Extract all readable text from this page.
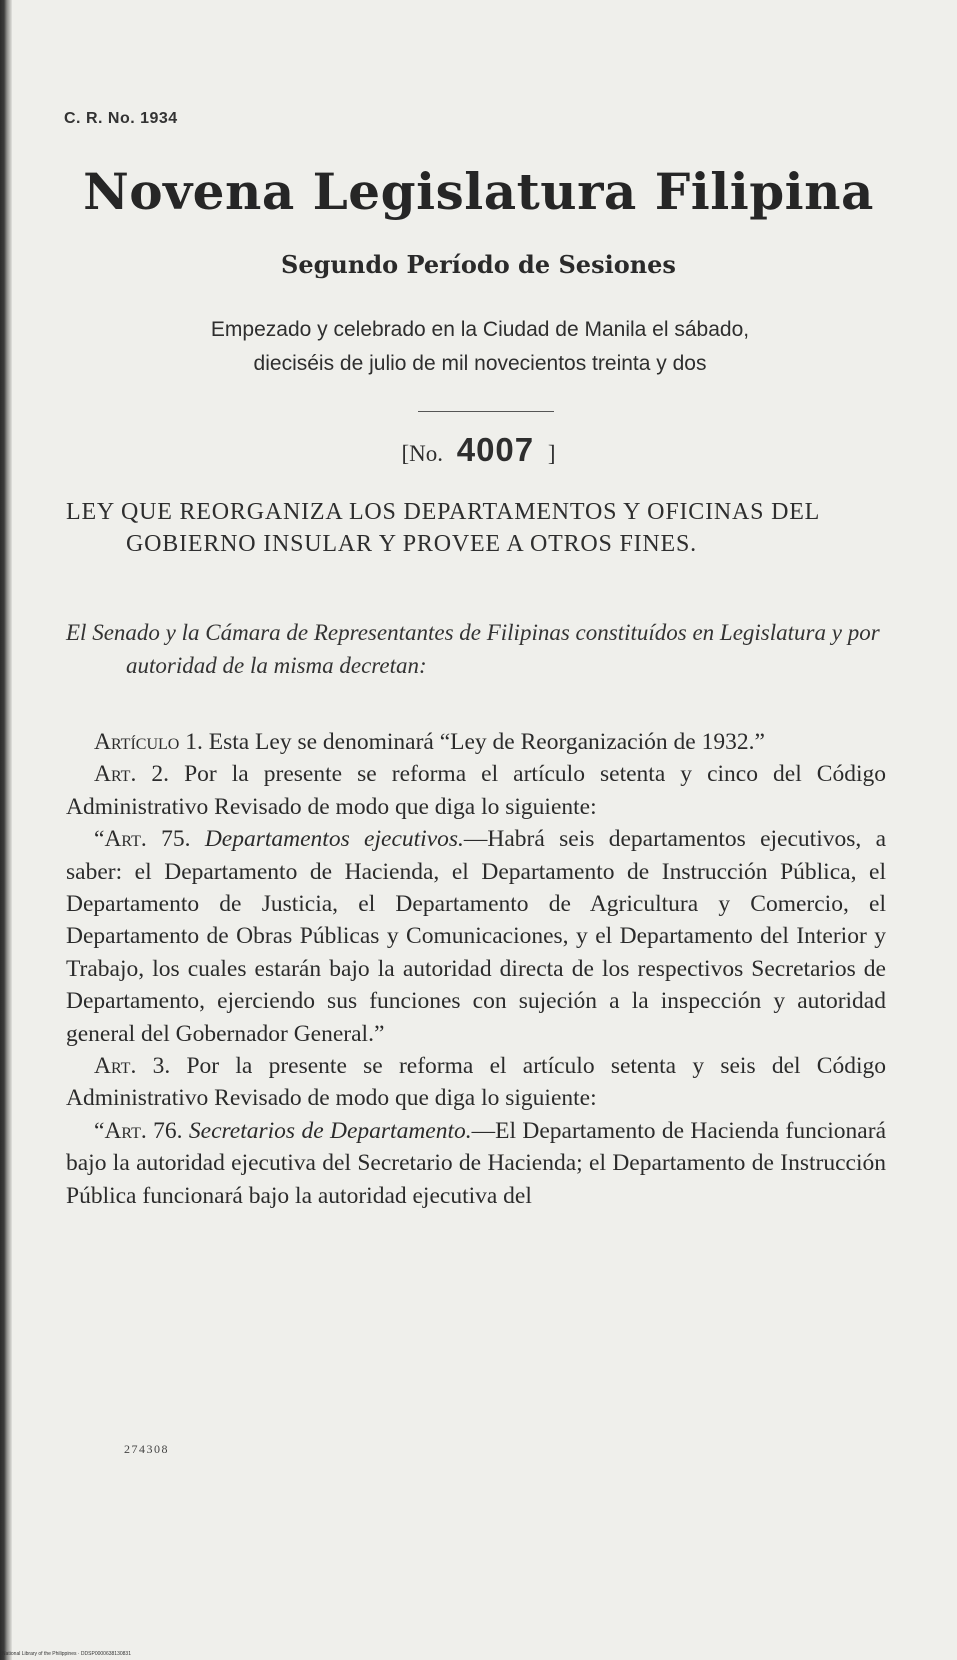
C. R. No. 1934
Novena Legislatura Filipina
Segundo Período de Sesiones
Empezado y celebrado en la Ciudad de Manila el sábado,
dieciséis de julio de mil novecientos treinta y dos
[No. 4007 ]
LEY QUE REORGANIZA LOS DEPARTAMENTOS Y OFICINAS DEL GOBIERNO INSULAR Y PROVEE A OTROS FINES.
El Senado y la Cámara de Representantes de Filipinas constituídos en Legislatura y por autoridad de la misma decretan:

Artículo 1. Esta Ley se denominará “Ley de Reorganización de 1932.”

Art. 2. Por la presente se reforma el artículo setenta y cinco del Código Administrativo Revisado de modo que diga lo siguiente:

“Art. 75. Departamentos ejecutivos.—Habrá seis departamentos ejecutivos, a saber: el Departamento de Hacienda, el Departamento de Instrucción Pública, el Departamento de Justicia, el Departamento de Agricultura y Comercio, el Departamento de Obras Públicas y Comunicaciones, y el Departamento del Interior y Trabajo, los cuales estarán bajo la autoridad directa de los respectivos Secretarios de Departamento, ejerciendo sus funciones con sujeción a la inspección y autoridad general del Gobernador General.”

Art. 3. Por la presente se reforma el artículo setenta y seis del Código Administrativo Revisado de modo que diga lo siguiente:

“Art. 76. Secretarios de Departamento.—El Departamento de Hacienda funcionará bajo la autoridad ejecutiva del Secretario de Hacienda; el Departamento de Instrucción Pública funcionará bajo la autoridad ejecutiva del

274308
National Library of the Philippines · DDSP0000638130831
